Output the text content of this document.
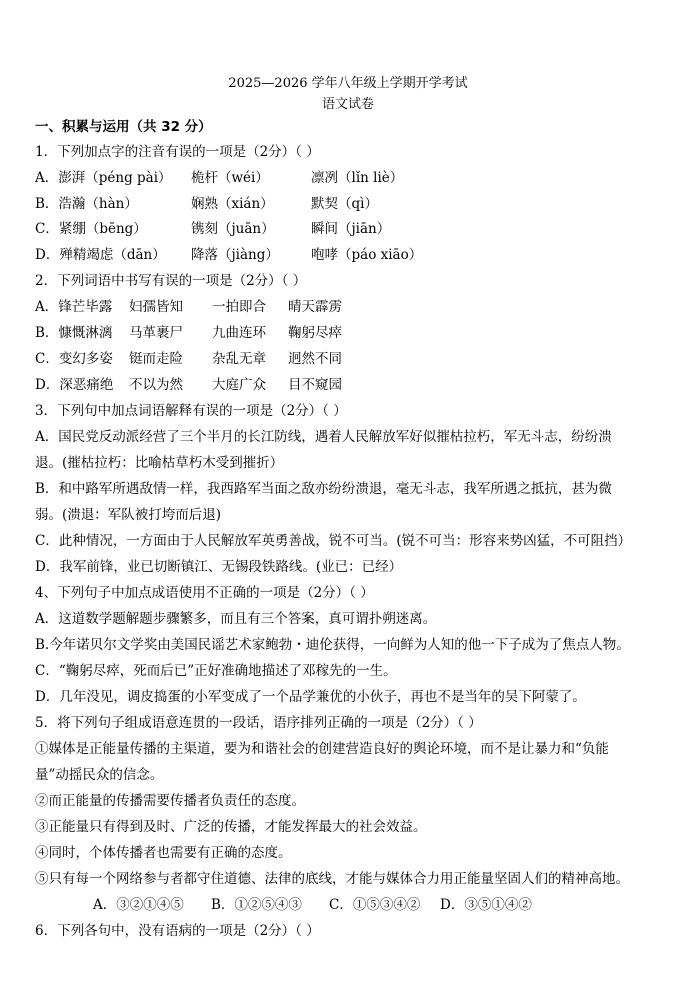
2025—2026 学年八年级上学期开学考试
语文试卷
一、积累与运用（共 32 分）
1．下列加点字的注音有误的一项是（2分）（ ）
A．澎湃（péng pài） 桅杆（wéi）	凛冽（lǐn liè）
B．浩瀚（hàn）	娴熟（xián）	默契（qì）
C．紧绷（bēng）	镌刻（juān）	瞬间（jiān）
D．殚精竭虑（dān） 降落（jiàng） 咆哮（páo xiāo）
2．下列词语中书写有误的一项是（2分）（ ）
A．锋芒毕露 妇孺皆知 一拍即合 晴天霹雳
B．慷慨淋漓 马革裹尸 九曲连环 鞠躬尽瘁
C．变幻多姿 铤而走险 杂乱无章 迥然不同
D．深恶痛绝 不以为然 大庭广众 目不窥园
3．下列句中加点词语解释有误的一项是（2分）（ ）
A．国民党反动派经营了三个半月的长江防线，遇着人民解放军好似摧枯拉朽，军无斗志，纷纷溃
退。(摧枯拉朽：比喻枯草朽木受到摧折）
B．和中路军所遇敌情一样，我西路军当面之敌亦纷纷溃退，毫无斗志，我军所遇之抵抗，甚为微
弱。(溃退：军队被打垮而后退)
C．此种情况，一方面由于人民解放军英勇善战，锐不可当。(锐不可当：形容来势凶猛，不可阻挡）
D．我军前锋，业已切断镇江、无锡段铁路线。(业已：已经）
4、下列句子中加点成语使用不正确的一项是（2分）（ ）
A．这道数学题解题步骤繁多，而且有三个答案，真可谓扑朔迷离。
B.今年诺贝尔文学奖由美国民谣艺术家鲍勃・迪伦获得，一向鲜为人知的他一下子成为了焦点人物。
C．“鞠躬尽瘁，死而后已”正好准确地描述了邓稼先的一生。
D．几年没见，调皮捣蛋的小军变成了一个品学兼优的小伙子，再也不是当年的吴下阿蒙了。
5．将下列句子组成语意连贯的一段话，语序排列正确的一项是（2分）（ ）
①媒体是正能量传播的主渠道，要为和谐社会的创建营造良好的舆论环境，而不是让暴力和“负能
量”动摇民众的信念。
②而正能量的传播需要传播者负责任的态度。
③正能量只有得到及时、广泛的传播，才能发挥最大的社会效益。
④同时，个体传播者也需要有正确的态度。
⑤只有每一个网络参与者都守住道德、法律的底线，才能与媒体合力用正能量坚固人们的精神高地。
A．③②①④⑤ B．①②⑤④③ C．①⑤③④② D．③⑤①④②
6．下列各句中，没有语病的一项是（2分）（ ）
